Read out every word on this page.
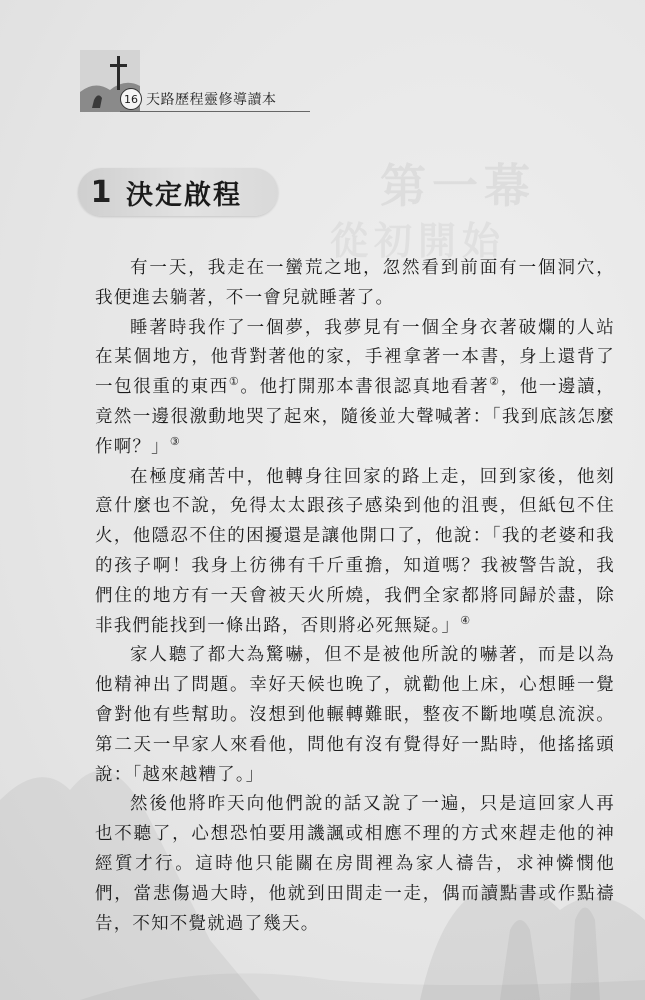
第一幕
從初開始
16 天路歷程靈修導讀本
1 決定啟程

有一天，我走在一蠻荒之地，忽然看到前面有一個洞穴，我便進去躺著，不一會兒就睡著了。

睡著時我作了一個夢，我夢見有一個全身衣著破爛的人站在某個地方，他背對著他的家，手裡拿著一本書，身上還背了一包很重的東西①。他打開那本書很認真地看著②，他一邊讀，竟然一邊很激動地哭了起來，隨後並大聲喊著：「我到底該怎麼作啊？」③

在極度痛苦中，他轉身往回家的路上走，回到家後，他刻意什麼也不說，免得太太跟孩子感染到他的沮喪，但紙包不住火，他隱忍不住的困擾還是讓他開口了，他說：「我的老婆和我的孩子啊！我身上彷彿有千斤重擔，知道嗎？我被警告說，我們住的地方有一天會被天火所燒，我們全家都將同歸於盡，除非我們能找到一條出路，否則將必死無疑。」④

家人聽了都大為驚嚇，但不是被他所說的嚇著，而是以為他精神出了問題。幸好天候也晚了，就勸他上床，心想睡一覺會對他有些幫助。沒想到他輾轉難眠，整夜不斷地嘆息流淚。第二天一早家人來看他，問他有沒有覺得好一點時，他搖搖頭說：「越來越糟了。」

然後他將昨天向他們說的話又說了一遍，只是這回家人再也不聽了，心想恐怕要用譏諷或相應不理的方式來趕走他的神經質才行。這時他只能關在房間裡為家人禱告，求神憐憫他們，當悲傷過大時，他就到田間走一走，偶而讀點書或作點禱告，不知不覺就過了幾天。
